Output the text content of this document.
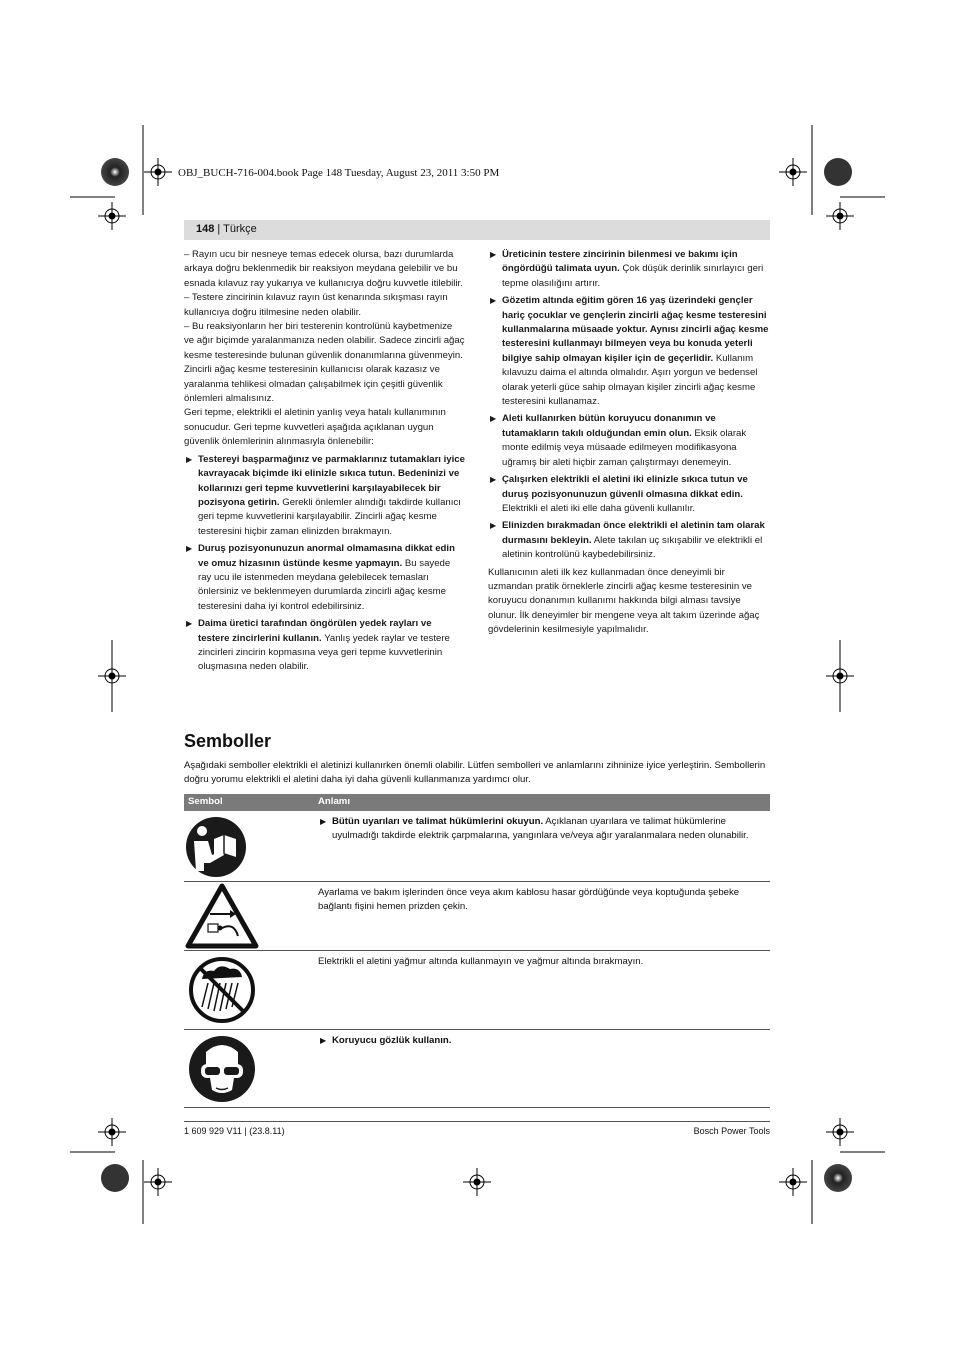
OBJ_BUCH-716-004.book Page 148 Tuesday, August 23, 2011 3:50 PM
148 | Türkçe

– Rayın ucu bir nesneye temas edecek olursa, bazı durumlarda arkaya doğru beklenmedik bir reaksiyon meydana gelebilir ve bu esnada kılavuz ray yukarıya ve kullanıcıya doğru kuvvetle itilebilir.

– Testere zincirinin kılavuz rayın üst kenarında sıkışması rayın kullanıcıya doğru itilmesine neden olabilir.

– Bu reaksiyonların her biri testerenin kontrolünü kaybetmenize ve ağır biçimde yaralanmanıza neden olabilir. Sadece zincirli ağaç kesme testeresinde bulunan güvenlik donanımlarına güvenmeyin. Zincirli ağaç kesme testeresinin kullanıcısı olarak kazasız ve yaralanma tehlikesi olmadan çalışabilmek için çeşitli güvenlik önlemleri almalısınız.

Geri tepme, elektrikli el aletinin yanlış veya hatalı kullanımının sonucudur. Geri tepme kuvvetleri aşağıda açıklanan uygun güvenlik önlemlerinin alınmasıyla önlenebilir:

▶ Testereyi başparmağınız ve parmaklarınız tutamakları iyice kavrayacak biçimde iki elinizle sıkıca tutun. Bedeninizi ve kollarınızı geri tepme kuvvetlerini karşılayabilecek bir pozisyona getirin. Gerekli önlemler alındığı takdirde kullanıcı geri tepme kuvvetlerini karşılayabilir. Zincirli ağaç kesme testeresini hiçbir zaman elinizden bırakmayın.
▶ Duruş pozisyonunuzun anormal olmamasına dikkat edin ve omuz hizasının üstünde kesme yapmayın. Bu sayede ray ucu ile istenmeden meydana gelebilecek temasları önlersiniz ve beklenmeyen durumlarda zincirli ağaç kesme testeresini daha iyi kontrol edebilirsiniz.
▶ Daima üretici tarafından öngörülen yedek rayları ve testere zincirlerini kullanın. Yanlış yedek raylar ve testere zincirleri zincirin kopmasına veya geri tepme kuvvetlerinin oluşmasına neden olabilir.
▶ Üreticinin testere zincirinin bilenmesi ve bakımı için öngördüğü talimata uyun. Çok düşük derinlik sınırlayıcı geri tepme olasılığını artırır.
▶ Gözetim altında eğitim gören 16 yaş üzerindeki gençler hariç çocuklar ve gençlerin zincirli ağaç kesme testeresini kullanmalarına müsaade yoktur. Aynısı zincirli ağaç kesme testeresini kullanmayı bilmeyen veya bu konuda yeterli bilgiye sahip olmayan kişiler için de geçerlidir. Kullanım kılavuzu daima el altında olmalıdır. Aşırı yorgun ve bedensel olarak yeterli güce sahip olmayan kişiler zincirli ağaç kesme testeresini kullanamaz.
▶ Aleti kullanırken bütün koruyucu donanımın ve tutamakların takılı olduğundan emin olun. Eksik olarak monte edilmiş veya müsaade edilmeyen modifikasyona uğramış bir aleti hiçbir zaman çalıştırmayı denemeyin.
▶ Çalışırken elektrikli el aletini iki elinizle sıkıca tutun ve duruş pozisyonunuzun güvenli olmasına dikkat edin. Elektrikli el aleti iki elle daha güvenli kullanılır.
▶ Elinizden bırakmadan önce elektrikli el aletinin tam olarak durmasını bekleyin. Alete takılan uç sıkışabilir ve elektrikli el aletinin kontrolünü kaybedebilirsiniz.

Kullanıcının aleti ilk kez kullanmadan önce deneyimli bir uzmandan pratik örneklerle zincirli ağaç kesme testeresinin ve koruyucu donanımın kullanımı hakkında bilgi alması tavsiye olunur. İlk deneyimler bir mengene veya alt takım üzerinde ağaç gövdelerinin kesilmesiyle yapılmalıdır.

Semboller
Aşağıdaki semboller elektrikli el aletinizi kullanırken önemli olabilir. Lütfen sembolleri ve anlamlarını zihninize iyice yerleştirin. Sembollerin doğru yorumu elektrikli el aletini daha iyi daha güvenli kullanmanıza yardımcı olur.
Sembol	Anlamı
▶ Bütün uyarıları ve talimat hükümlerini okuyun. Açıklanan uyarılara ve talimat hükümlerine uyulmadığı takdirde elektrik çarpmalarına, yangınlara ve/veya ağır yaralanmalara neden olunabilir.
Ayarlama ve bakım işlerinden önce veya akım kablosu hasar gördüğünde veya koptuğunda şebeke bağlantı fişini hemen prizden çekin.
Elektrikli el aletini yağmur altında kullanmayın ve yağmur altında bırakmayın.
▶ Koruyucu gözlük kullanın.
1 609 929 V11 | (23.8.11)	Bosch Power Tools
